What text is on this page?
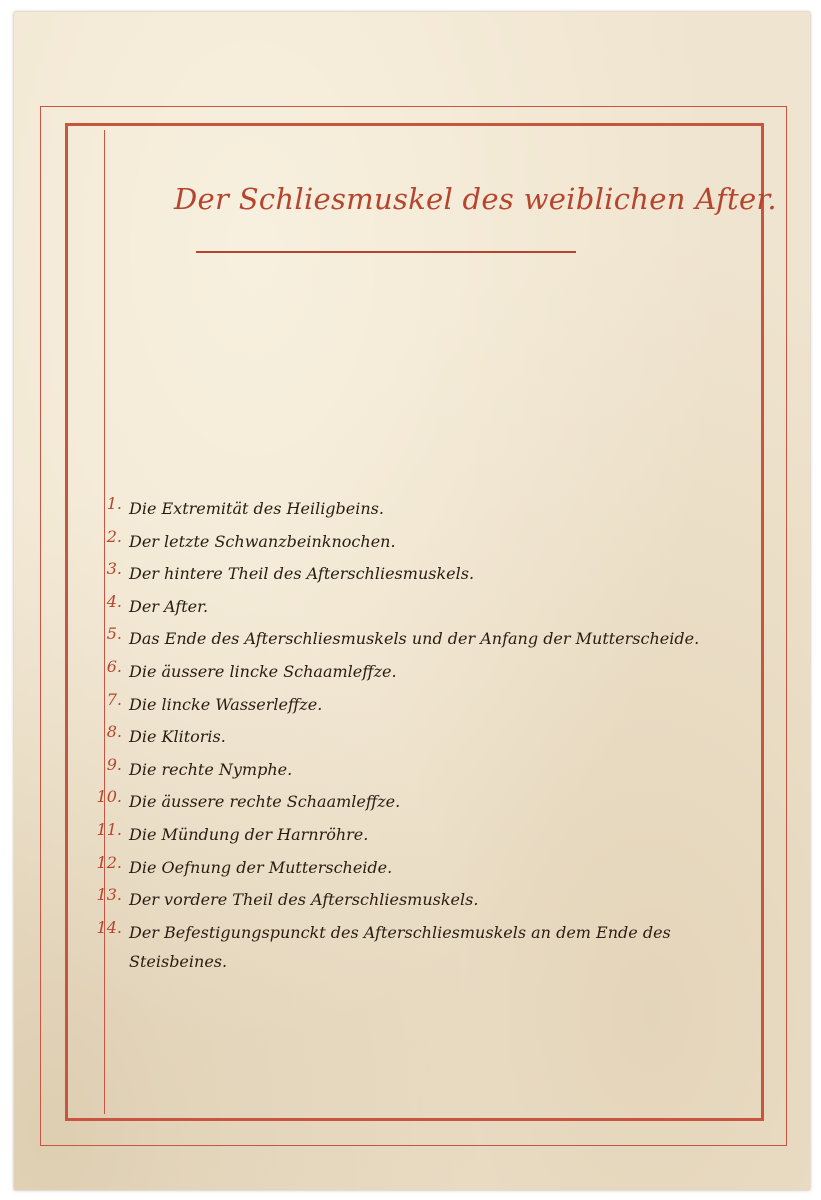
Der Schliesmuskel des weiblichen After.
1. Die Extremität des Heiligbeins.
2. Der letzte Schwanzbeinknochen.
3. Der hintere Theil des Afterschliesmuskels.
4. Der After.
5. Das Ende des Afterschliesmuskels und der Anfang der Mutterscheide.
6. Die äussere lincke Schaamleffze.
7. Die lincke Wasserleffze.
8. Die Klitoris.
9. Die rechte Nymphe.
10. Die äussere rechte Schaamleffze.
11. Die Mündung der Harnröhre.
12. Die Oefnung der Mutterscheide.
13. Der vordere Theil des Afterschliesmuskels.
14. Der Befestigungspunckt des Afterschliesmuskels an dem Ende des Steisbeines.
